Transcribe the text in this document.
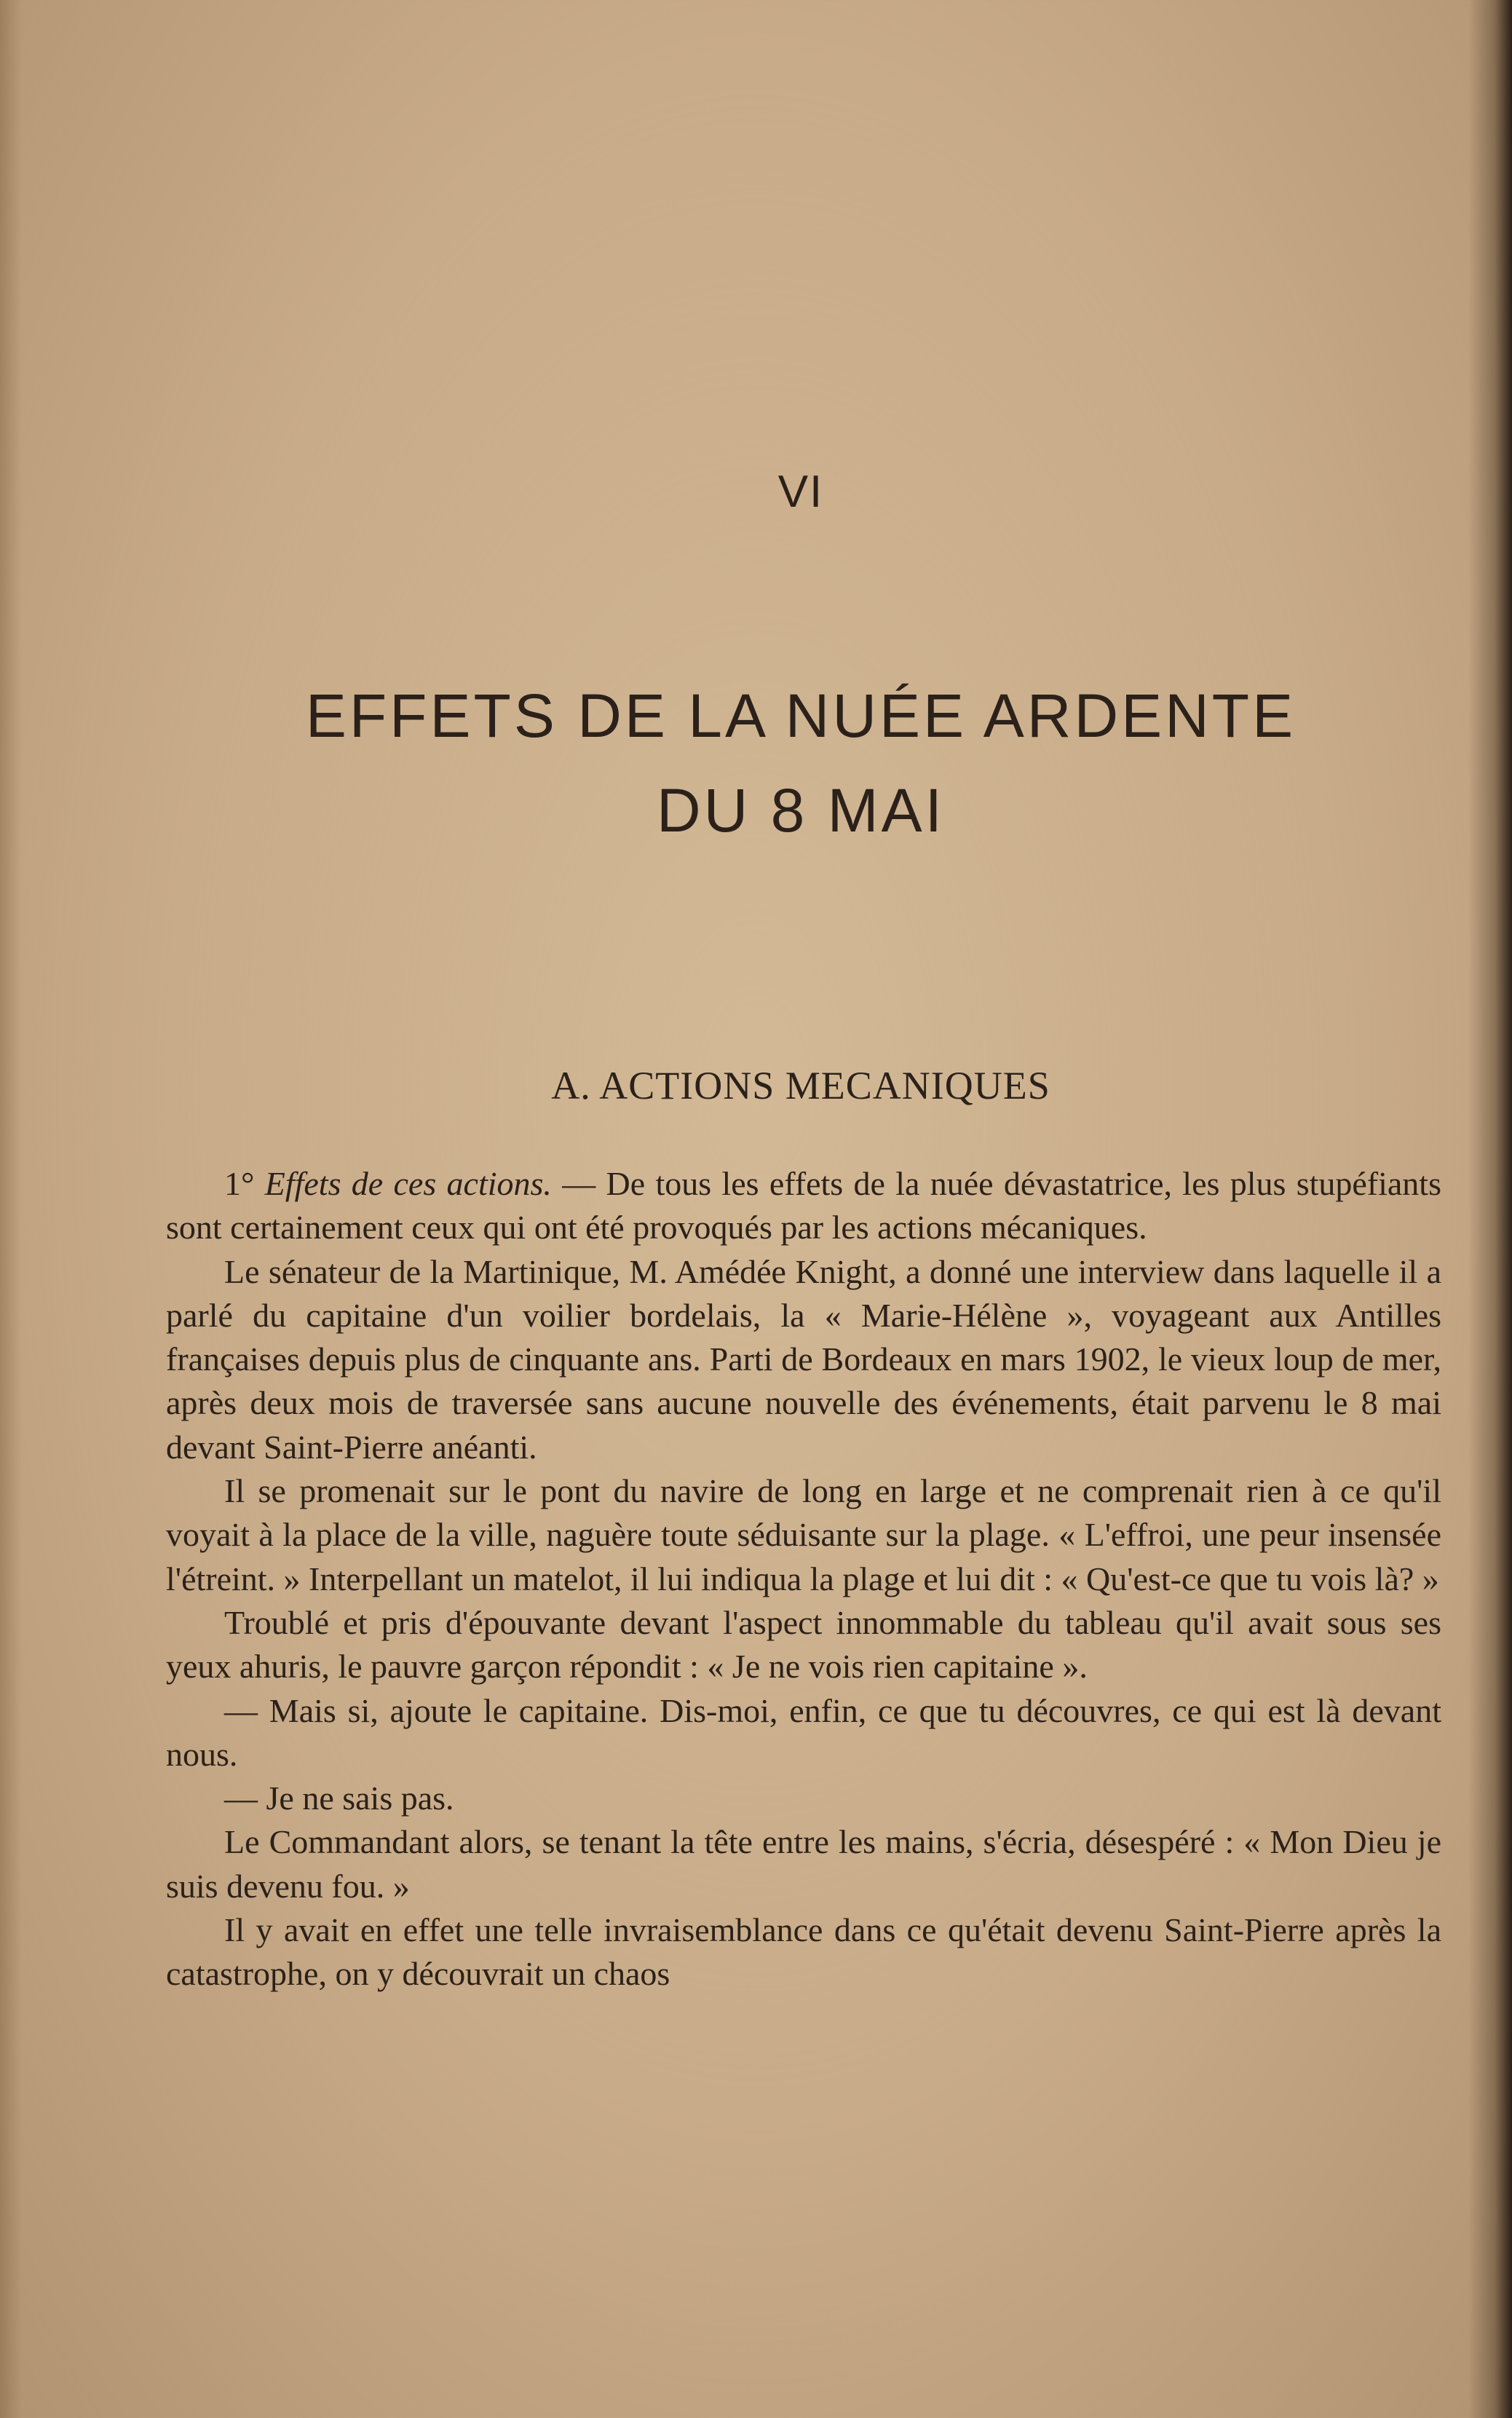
VI
EFFETS DE LA NUÉE ARDENTE
DU 8 MAI
A. ACTIONS MECANIQUES

1° Effets de ces actions. — De tous les effets de la nuée dévastatrice, les plus stupéfiants sont certainement ceux qui ont été provoqués par les actions mécaniques.

Le sénateur de la Martinique, M. Amédée Knight, a donné une interview dans laquelle il a parlé du capitaine d'un voilier bordelais, la « Marie-Hélène », voyageant aux Antilles françaises depuis plus de cinquante ans. Parti de Bordeaux en mars 1902, le vieux loup de mer, après deux mois de traversée sans aucune nouvelle des événements, était parvenu le 8 mai devant Saint-Pierre anéanti.

Il se promenait sur le pont du navire de long en large et ne comprenait rien à ce qu'il voyait à la place de la ville, naguère toute séduisante sur la plage. « L'effroi, une peur insensée l'étreint. » Interpellant un matelot, il lui indiqua la plage et lui dit : « Qu'est-ce que tu vois là? »

Troublé et pris d'épouvante devant l'aspect innommable du tableau qu'il avait sous ses yeux ahuris, le pauvre garçon répondit : « Je ne vois rien capitaine ».

— Mais si, ajoute le capitaine. Dis-moi, enfin, ce que tu découvres, ce qui est là devant nous.

— Je ne sais pas.

Le Commandant alors, se tenant la tête entre les mains, s'écria, désespéré : « Mon Dieu je suis devenu fou. »

Il y avait en effet une telle invraisemblance dans ce qu'était devenu Saint-Pierre après la catastrophe, on y découvrait un chaos
